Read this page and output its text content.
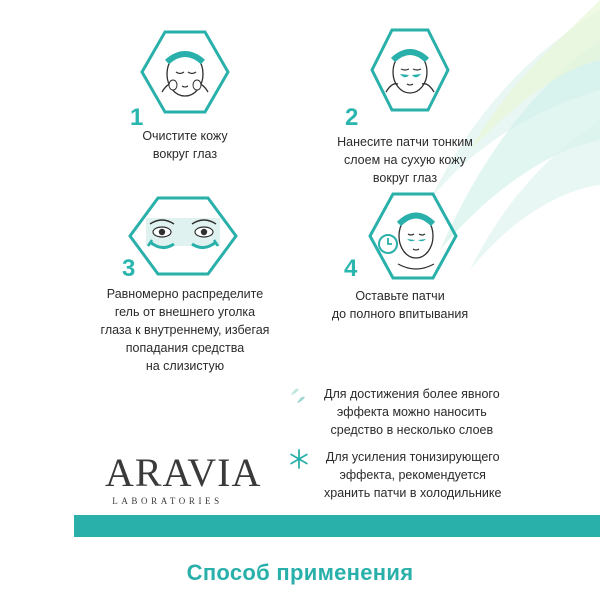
1
Очистите кожу
вокруг глаз
2
Нанесите патчи тонким
слоем на сухую кожу
вокруг глаз
3
Равномерно распределите
гель от внешнего уголка
глаза к внутреннему, избегая
попадания средства
на слизистую
4
Оставьте патчи
до полного впитывания
Для достижения более явного
эффекта можно наносить
средство в несколько слоев
Для усиления тонизирующего
эффекта, рекомендуется
хранить патчи в холодильнике
ARAVIA
LABORATORIES
Способ применения
